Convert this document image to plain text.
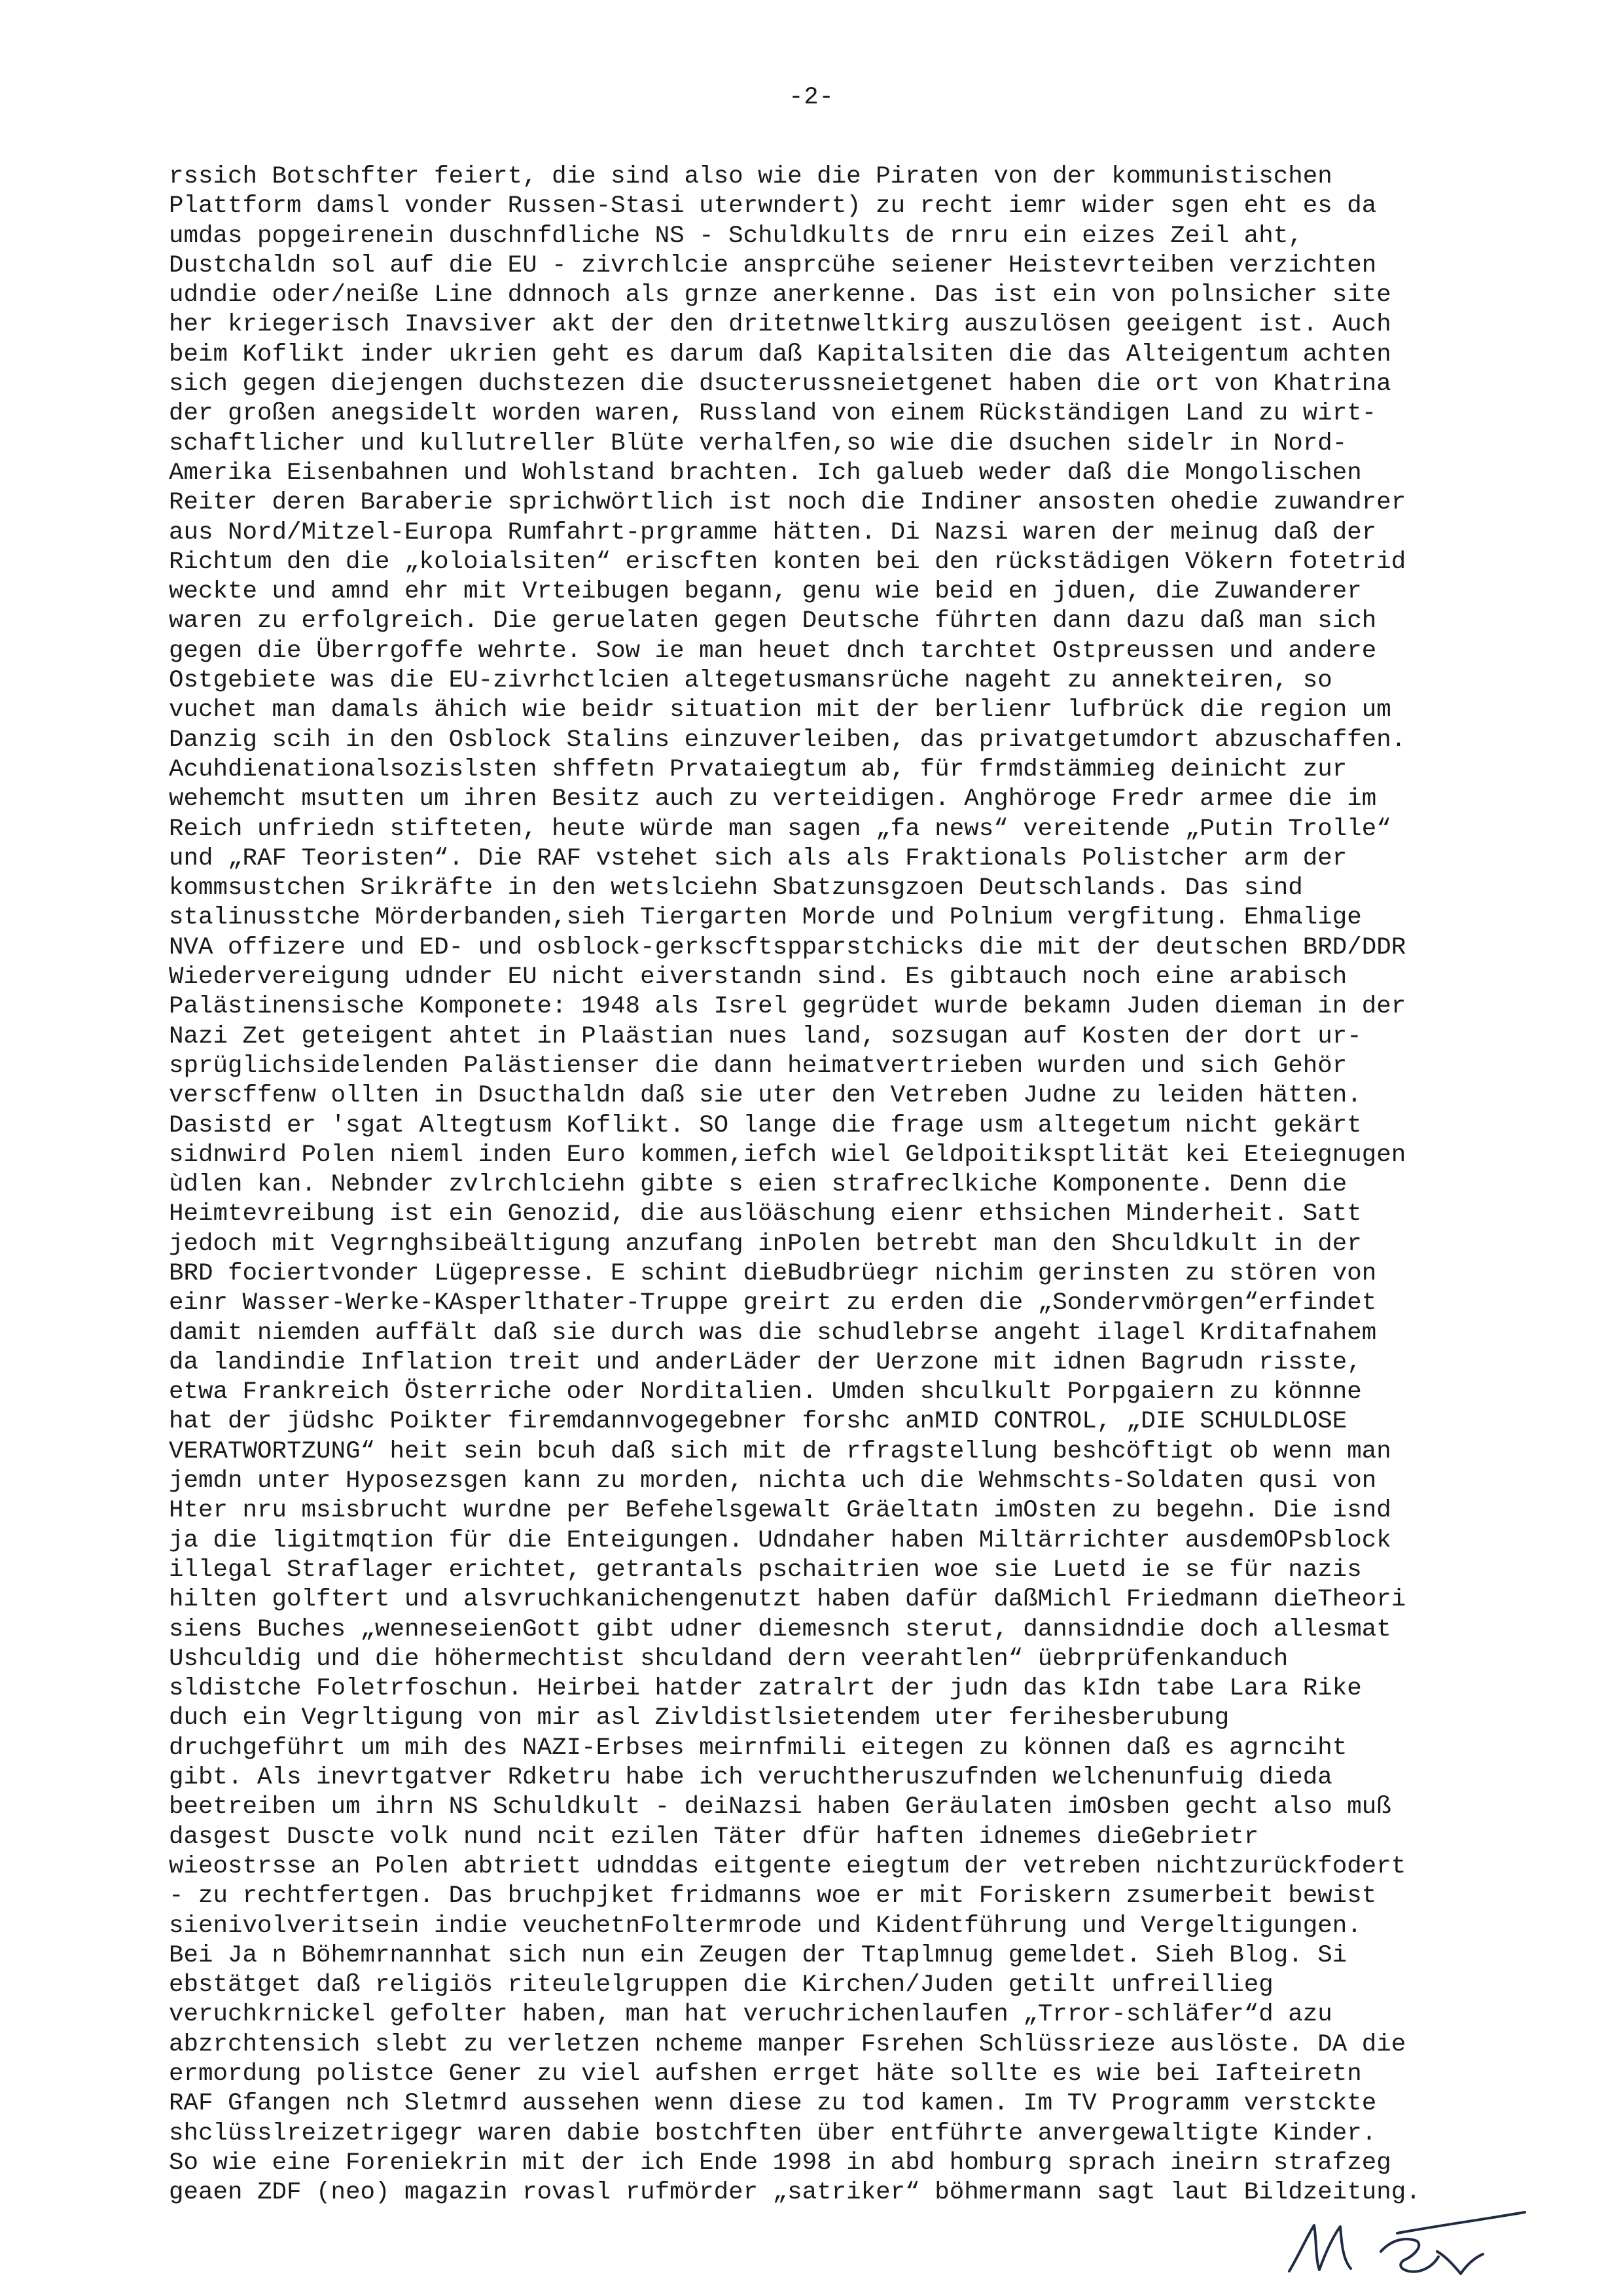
-2-
rssich Botschfter feiert, die sind also wie die Piraten von der kommunistischen
Plattform damsl vonder Russen-Stasi uterwndert) zu recht iemr wider sgen eht es da
umdas popgeirenein duschnfdliche NS - Schuldkults de rnru ein eizes Zeil aht,
Dustchaldn sol auf die EU - zivrchlcie ansprcühe seiener Heistevrteiben verzichten
udndie oder/neiße Line ddnnoch als grnze anerkenne. Das ist ein von polnsicher site
her kriegerisch Inavsiver akt der den dritetnweltkirg auszulösen geeigent ist. Auch
beim Koflikt inder ukrien geht es darum daß Kapitalsiten die das Alteigentum achten
sich gegen diejengen duchstezen die dsucterussneietgenet haben die ort von Khatrina
der großen anegsidelt worden waren, Russland von einem Rückständigen Land zu wirt-
schaftlicher und kullutreller Blüte verhalfen,so wie die dsuchen sidelr in Nord-
Amerika Eisenbahnen und Wohlstand brachten. Ich galueb weder daß die Mongolischen
Reiter deren Baraberie sprichwörtlich ist noch die Indiner ansosten ohedie zuwandrer
aus Nord/Mitzel-Europa Rumfahrt-prgramme hätten. Di Nazsi waren der meinug daß der
Richtum den die „koloialsiten“ eriscften konten bei den rückstädigen Vökern fotetrid
weckte und amnd ehr mit Vrteibugen begann, genu wie beid en jduen, die Zuwanderer
waren zu erfolgreich. Die geruelaten gegen Deutsche führten dann dazu daß man sich
gegen die Überrgoffe wehrte. Sow ie man heuet dnch tarchtet Ostpreussen und andere
Ostgebiete was die EU-zivrhctlcien altegetusmansrüche nageht zu annekteiren, so
vuchet man damals ähich wie beidr situation mit der berlienr lufbrück die region um
Danzig scih in den Osblock Stalins einzuverleiben, das privatgetumdort abzuschaffen.
Acuhdienationalsozislsten shffetn Prvataiegtum ab, für frmdstämmieg deinicht zur
wehemcht msutten um ihren Besitz auch zu verteidigen. Anghöroge Fredr armee die im
Reich unfriedn stifteten, heute würde man sagen „fa news“ vereitende „Putin Trolle“
und „RAF Teoristen“. Die RAF vstehet sich als als Fraktionals Polistcher arm der
kommsustchen Srikräfte in den wetslciehn Sbatzunsgzoen Deutschlands. Das sind
stalinusstche Mörderbanden,sieh Tiergarten Morde und Polnium vergfitung. Ehmalige
NVA offizere und ED- und osblock-gerkscftspparstchicks die mit der deutschen BRD/DDR
Wiedervereigung udnder EU nicht eiverstandn sind. Es gibtauch noch eine arabisch
Palästinensische Komponete: 1948 als Isrel gegrüdet wurde bekamn Juden dieman in der
Nazi Zet geteigent ahtet in Plaästian nues land, sozsugan auf Kosten der dort ur-
sprüglichsidelenden Palästienser die dann heimatvertrieben wurden und sich Gehör
verscffenw ollten in Dsucthaldn daß sie uter den Vetreben Judne zu leiden hätten.
Dasistd er 'sgat Altegtusm Koflikt. SO lange die frage usm altegetum nicht gekärt
sidnwird Polen nieml inden Euro kommen,iefch wiel Geldpoitiksptlität kei Eteiegnugen
ùdlen kan. Nebnder zvlrchlciehn gibte s eien strafreclkiche Komponente. Denn die
Heimtevreibung ist ein Genozid, die auslöäschung eienr ethsichen Minderheit. Satt
jedoch mit Vegrnghsibeältigung anzufang inPolen betrebt man den Shculdkult in der
BRD fociertvonder Lügepresse. E schint dieBudbrüegr nichim gerinsten zu stören von
einr Wasser-Werke-KAsperlthater-Truppe greirt zu erden die „Sondervmörgen“erfindet
damit niemden auffält daß sie durch was die schudlebrse angeht ilagel Krditafnahem
da landindie Inflation treit und anderLäder der Uerzone mit idnen Bagrudn risste,
etwa Frankreich Österriche oder Norditalien. Umden shculkult Porpgaiern zu könnne
hat der jüdshc Poikter firemdannvogegebner forshc anMID CONTROL, „DIE SCHULDLOSE
VERATWORTZUNG“ heit sein bcuh daß sich mit de rfragstellung beshcöftigt ob wenn man
jemdn unter Hyposezsgen kann zu morden, nichta uch die Wehmschts-Soldaten qusi von
Hter nru msisbrucht wurdne per Befehelsgewalt Gräeltatn imOsten zu begehn. Die isnd
ja die ligitmqtion für die Enteigungen. Udndaher haben Miltärrichter ausdemOPsblock
illegal Straflager erichtet, getrantals pschaitrien woe sie Luetd ie se für nazis
hilten golftert und alsvruchkanichengenutzt haben dafür daßMichl Friedmann dieTheori
siens Buches „wenneseienGott gibt udner diemesnch sterut, dannsidndie doch allesmat
Ushculdig und die höhermechtist shculdand dern veerahtlen“ üebrprüfenkanduch
sldistche Foletrfoschun. Heirbei hatder zatralrt der judn das kIdn tabe Lara Rike
duch ein Vegrltigung von mir asl Zivldistlsietendem uter ferihesberubung
druchgeführt um mih des NAZI-Erbses meirnfmili eitegen zu können daß es agrnciht
gibt. Als inevrtgatver Rdketru habe ich veruchtheruszufnden welchenunfuig dieda
beetreiben um ihrn NS Schuldkult - deiNazsi haben Geräulaten imOsben gecht also muß
dasgest Duscte volk nund ncit ezilen Täter dfür haften idnemes dieGebrietr
wieostrsse an Polen abtriett udnddas eitgente eiegtum der vetreben nichtzurückfodert
- zu rechtfertgen. Das bruchpjket fridmanns woe er mit Foriskern zsumerbeit bewist
sienivolveritsein indie veuchetnFoltermrode und Kidentführung und Vergeltigungen.
Bei Ja n Böhemrnannhat sich nun ein Zeugen der Ttaplmnug gemeldet. Sieh Blog. Si
ebstätget daß religiös riteulelgruppen die Kirchen/Juden getilt unfreillieg
veruchkrnickel gefolter haben, man hat veruchrichenlaufen „Trror-schläfer“d azu
abzrchtensich slebt zu verletzen ncheme manper Fsrehen Schlüssrieze auslöste. DA die
ermordung polistce Gener zu viel aufshen errget häte sollte es wie bei Iafteiretn
RAF Gfangen nch Sletmrd aussehen wenn diese zu tod kamen. Im TV Programm verstckte
shclüsslreizetrigegr waren dabie bostchften über entführte anvergewaltigte Kinder.
So wie eine Foreniekrin mit der ich Ende 1998 in abd homburg sprach ineirn strafzeg
geaen ZDF (neo) magazin rovasl rufmörder „satriker“ böhmermann sagt laut Bildzeitung.
